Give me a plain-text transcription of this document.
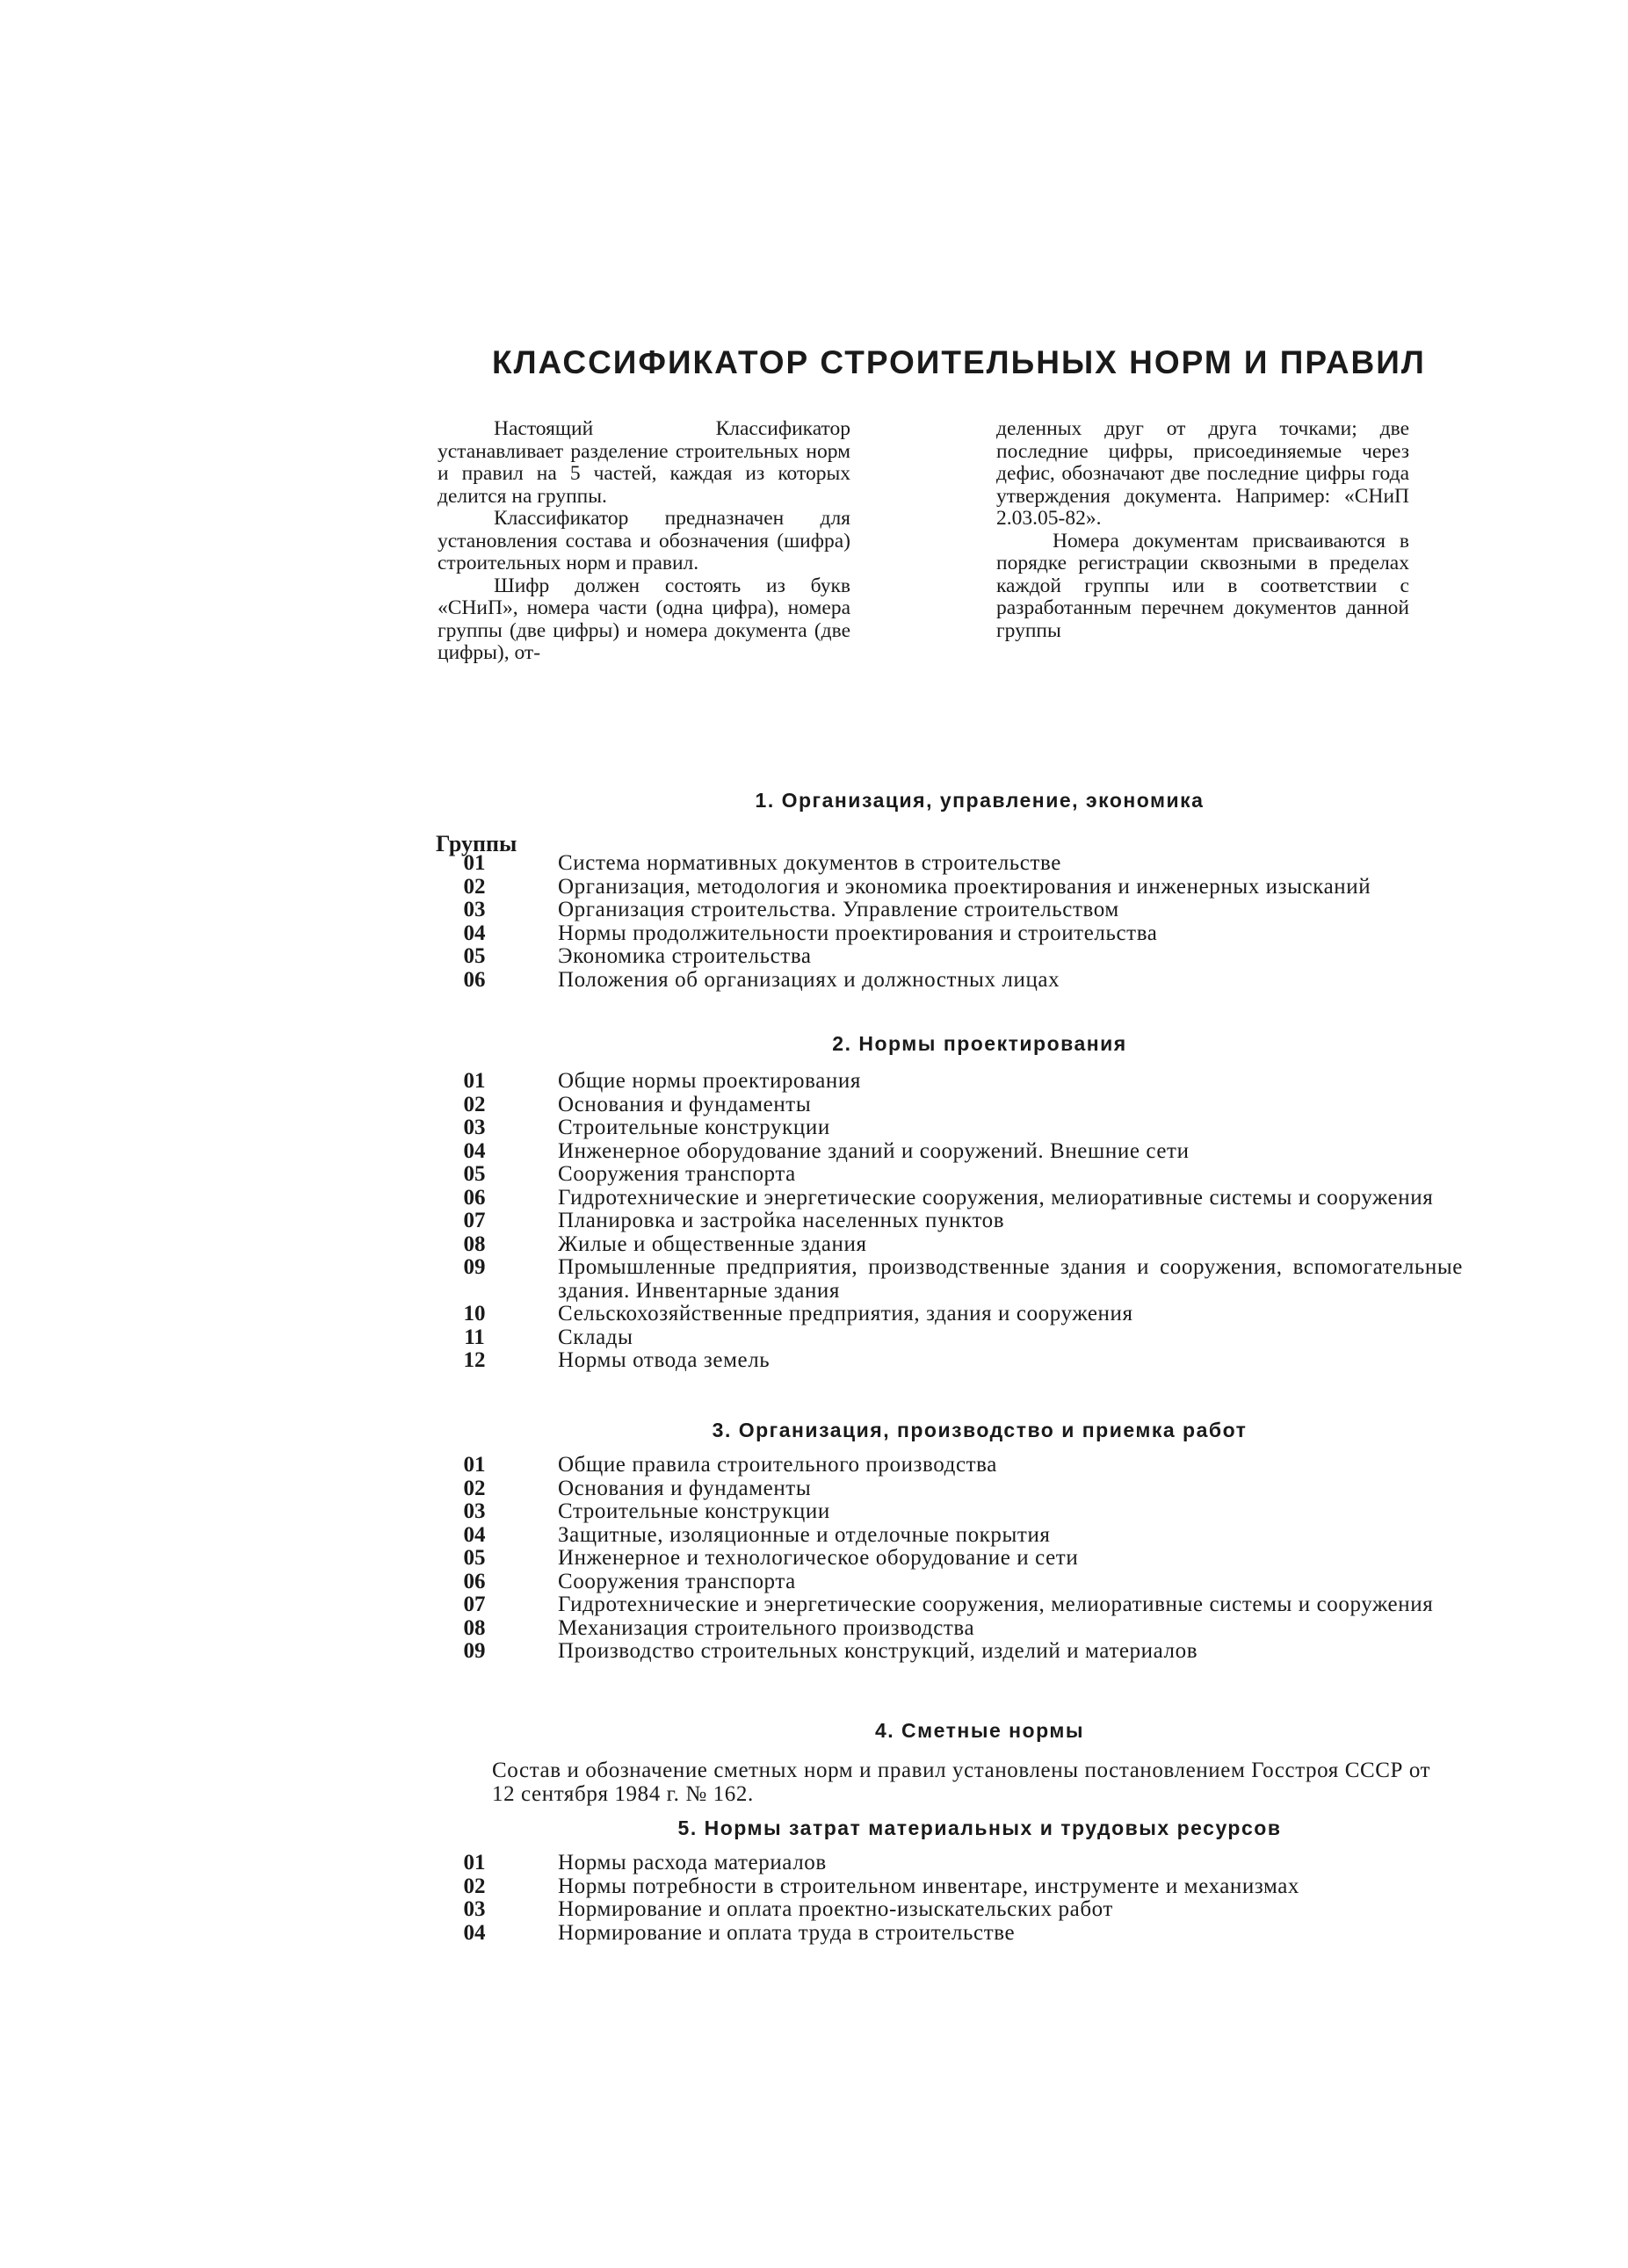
КЛАССИФИКАТОР СТРОИТЕЛЬНЫХ НОРМ И ПРАВИЛ

Настоящий Классификатор устанавливает разделение строительных норм и правил на 5 частей, каждая из которых делится на группы.

Классификатор предназначен для установления состава и обозначения (шифра) строительных норм и правил.

Шифр должен состоять из букв «СНиП», номера части (одна цифра), номера группы (две цифры) и номера документа (две цифры), от-

деленных друг от друга точками; две последние цифры, присоединяемые через дефис, обозначают две последние цифры года утверждения документа. Например: «СНиП 2.03.05-82».

Номера документам присваиваются в порядке регистрации сквозными в пределах каждой группы или в соответствии с разработанным перечнем документов данной группы

1. Организация, управление, экономика
Группы
01	Система нормативных документов в строительстве
02	Организация, методология и экономика проектирования и инженерных изысканий
03	Организация строительства. Управление строительством
04	Нормы продолжительности проектирования и строительства
05	Экономика строительства
06	Положения об организациях и должностных лицах
2. Нормы проектирования
01	Общие нормы проектирования
02	Основания и фундаменты
03	Строительные конструкции
04	Инженерное оборудование зданий и сооружений. Внешние сети
05	Сооружения транспорта
06	Гидротехнические и энергетические сооружения, мелиоративные системы и сооружения
07	Планировка и застройка населенных пунктов
08	Жилые и общественные здания
09	Промышленные предприятия, производственные здания и сооружения, вспомогательные здания. Инвентарные здания
10	Сельскохозяйственные предприятия, здания и сооружения
11	Склады
12	Нормы отвода земель
3. Организация, производство и приемка работ
01	Общие правила строительного производства
02	Основания и фундаменты
03	Строительные конструкции
04	Защитные, изоляционные и отделочные покрытия
05	Инженерное и технологическое оборудование и сети
06	Сооружения транспорта
07	Гидротехнические и энергетические сооружения, мелиоративные системы и сооружения
08	Механизация строительного производства
09	Производство строительных конструкций, изделий и материалов
4. Сметные нормы
Состав и обозначение сметных норм и правил установлены постановлением Госстроя СССР от 12 сентября 1984 г. № 162.
5. Нормы затрат материальных и трудовых ресурсов
01	Нормы расхода материалов
02	Нормы потребности в строительном инвентаре, инструменте и механизмах
03	Нормирование и оплата проектно-изыскательских работ
04	Нормирование и оплата труда в строительстве
